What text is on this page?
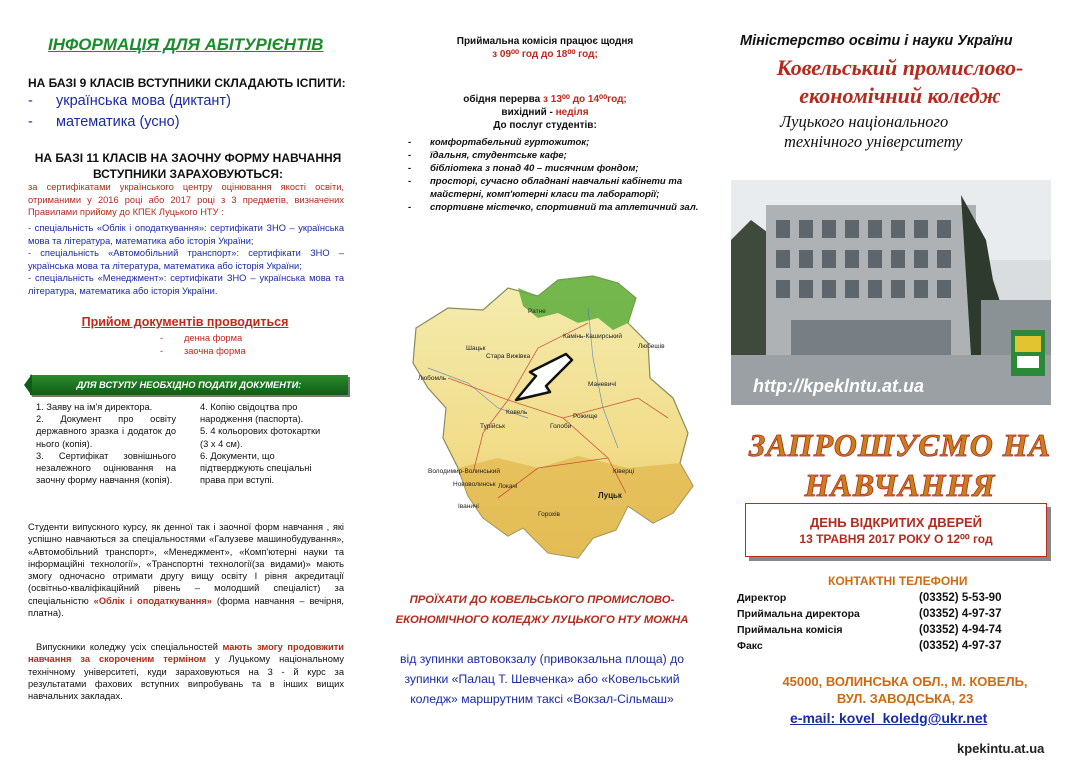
ІНФОРМАЦІЯ ДЛЯ АБІТУРІЄНТІВ
НА БАЗІ 9 КЛАСІВ ВСТУПНИКИ СКЛАДАЮТЬ ІСПИТИ:
- українська мова (диктант)
- математика (усно)
НА БАЗІ 11 КЛАСІВ НА ЗАОЧНУ ФОРМУ НАВЧАННЯ ВСТУПНИКИ ЗАРАХОВУЮТЬСЯ:
за сертифікатами українського центру оцінювання якості освіти, отриманими у 2016 році або 2017 році з 3 предметів, визначених Правилами прийому до КПЕК Луцького НТУ :
- спеціальність «Облік і оподаткування»: сертифікати ЗНО – українська мова та література, математика або історія України;
- спеціальність «Автомобільний транспорт»: сертифікати ЗНО – українська мова та література, математика або історія України;
- спеціальність «Менеджмент»: сертифікати ЗНО – українська мова та література, математика або історія України.
Прийом документів проводиться
- денна форма
- заочна форма
ДЛЯ ВСТУПУ НЕОБХІДНО ПОДАТИ ДОКУМЕНТИ:
1. Заяву на ім'я директора.
2. Документ про освіту державного зразка і додаток до нього (копія).
3. Сертифікат зовнішнього незалежного оцінювання на заочну форму навчання (копія).
4. Копію свідоцтва про народження (паспорта).
5. 4 кольорових фотокартки (3 х 4 см).
6. Документи, що підтверджують спеціальні права при вступі.
Студенти випускного курсу, як денної так і заочної форм навчання , які успішно навчаються за спеціальностями «Галузеве машинобудування», «Автомобільний транспорт», «Менеджмент», «Комп'ютерні науки та інформаційні технології», «Транспортні технології(за видами)» мають змогу одночасно отримати другу вищу освіту І рівня акредитації (освітньо-кваліфікаційний рівень – молодший спеціаліст) за спеціальністю «Облік і оподаткування» (форма навчання – вечірня, платна).
Випускники коледжу усіх спеціальностей мають змогу продовжити навчання за скороченим терміном у Луцькому національному технічному університеті, куди зараховуються на 3 - й курс за результатами фахових вступних випробувань та в інших вищих навчальних закладах.
Приймальна комісія працює щодня
з 09⁰⁰ год до 18⁰⁰ год;
обідня перерва з 13⁰⁰ до 14⁰⁰год;
вихідний - неділя
До послуг студентів:
-	комфортабельний гуртожиток;
-	їдальня, студентське кафе;
-	бібліотека з понад 40 – тисячним фондом;
-	просторі, сучасно обладнані навчальні кабінети та майстерні, комп'ютерні класи та лабораторії;
-	спортивне містечко, спортивний та атлетичний зал.
Шацьк
Любомль
Ковель
Стара Вижівка
Камінь-Каширський
Маневичі
Турійськ
Рожище
Голоби
Луцьк
Володимир-Волинський
Іваничі
Нововолинськ
Ківерці
Горохів
Локачі
Любешів
Ратне
ПРОЇХАТИ ДО КОВЕЛЬСЬКОГО ПРОМИСЛОВО-ЕКОНОМІЧНОГО КОЛЕДЖУ ЛУЦЬКОГО НТУ МОЖНА
від зупинки автовокзалу (привокзальна площа) до зупинки «Палац Т. Шевченка» або «Ковельський коледж» маршрутним таксі «Вокзал-Сільмаш»
Міністерство освіти і науки України
Ковельський промислово-економічний коледж
Луцького національного
технічного університету
http://kpeklntu.at.ua
ЗАПРОШУЄМО НА
НАВЧАННЯ
ДЕНЬ ВІДКРИТИХ ДВЕРЕЙ
13 ТРАВНЯ 2017 РОКУ О 12⁰⁰ год
КОНТАКТНІ ТЕЛЕФОНИ
Директор	(03352) 5-53-90
Приймальна директора	(03352) 4-97-37
Приймальна комісія	(03352) 4-94-74
Факс	(03352) 4-97-37
45000, ВОЛИНСЬКА ОБЛ., М. КОВЕЛЬ,
ВУЛ. ЗАВОДСЬКА, 23
e-mail: kovel_koledg@ukr.net
kpekintu.at.ua
